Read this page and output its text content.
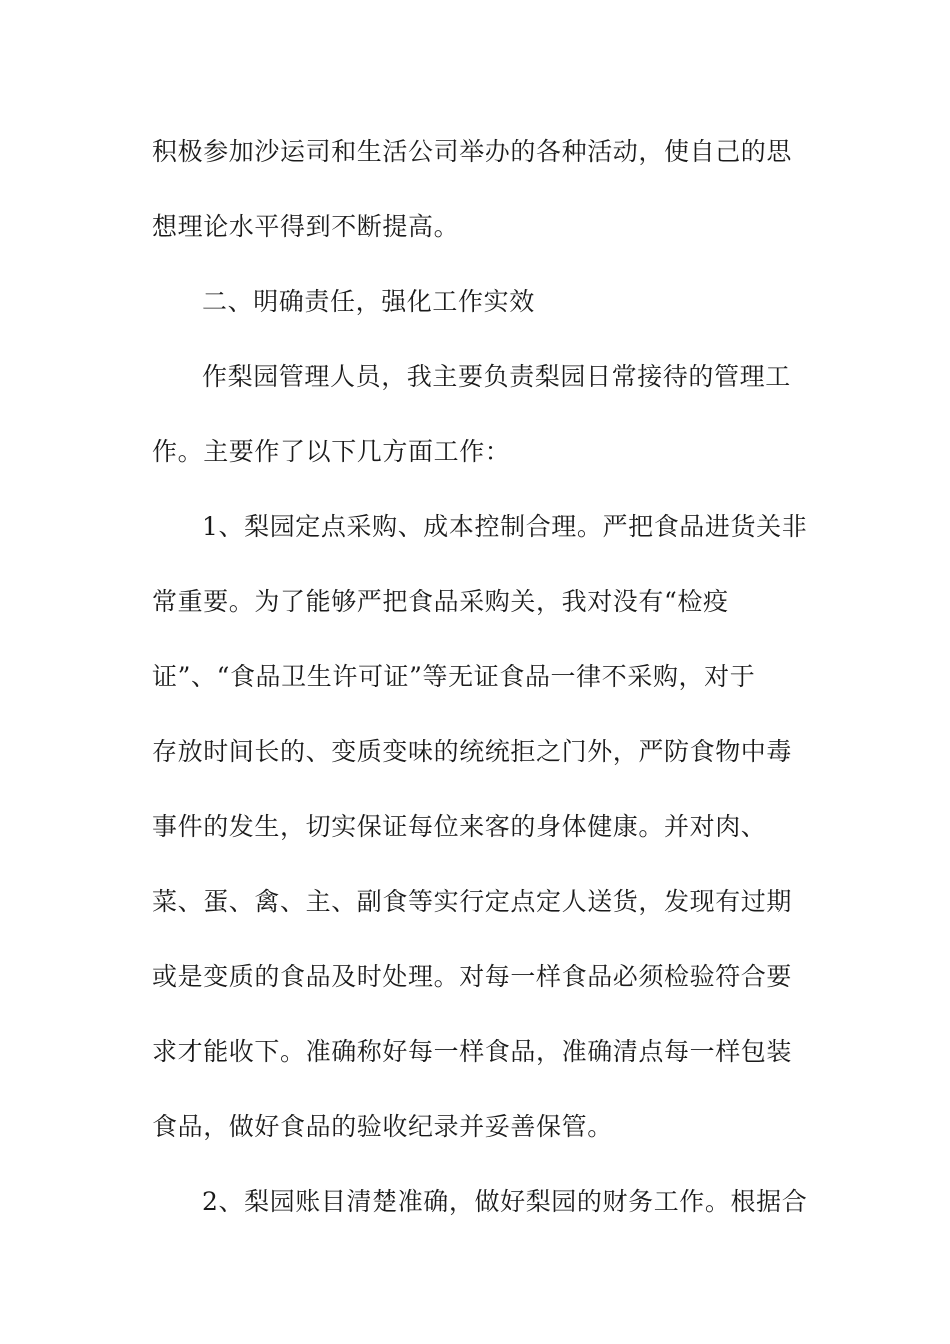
积极参加沙运司和生活公司举办的各种活动，使自己的思
想理论水平得到不断提高。
二、明确责任，强化工作实效
作梨园管理人员，我主要负责梨园日常接待的管理工
作。主要作了以下几方面工作：
1、梨园定点采购、成本控制合理。严把食品进货关非
常重要。为了能够严把食品采购关，我对没有“检疫
证”、“食品卫生许可证”等无证食品一律不采购，对于
存放时间长的、变质变味的统统拒之门外，严防食物中毒
事件的发生，切实保证每位来客的身体健康。并对肉、
菜、蛋、禽、主、副食等实行定点定人送货，发现有过期
或是变质的食品及时处理。对每一样食品必须检验符合要
求才能收下。准确称好每一样食品，准确清点每一样包装
食品，做好食品的验收纪录并妥善保管。
2、梨园账目清楚准确，做好梨园的财务工作。根据合
